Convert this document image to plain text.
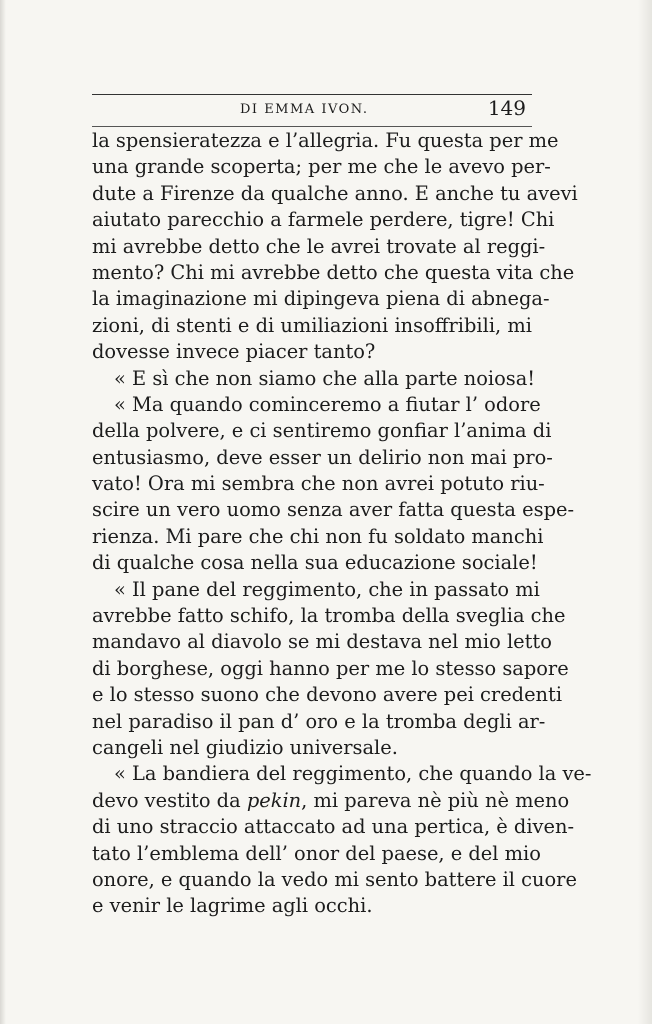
DI EMMA IVON.	149
la spensieratezza e l’allegria. Fu questa per me
una grande scoperta; per me che le avevo per-
dute a Firenze da qualche anno. E anche tu avevi
aiutato parecchio a farmele perdere, tigre! Chi
mi avrebbe detto che le avrei trovate al reggi-
mento? Chi mi avrebbe detto che questa vita che
la imaginazione mi dipingeva piena di abnega-
zioni, di stenti e di umiliazioni insoffribili, mi
dovesse invece piacer tanto?
« E sì che non siamo che alla parte noiosa!
« Ma quando cominceremo a fiutar l’ odore
della polvere, e ci sentiremo gonfiar l’anima di
entusiasmo, deve esser un delirio non mai pro-
vato! Ora mi sembra che non avrei potuto riu-
scire un vero uomo senza aver fatta questa espe-
rienza. Mi pare che chi non fu soldato manchi
di qualche cosa nella sua educazione sociale!
« Il pane del reggimento, che in passato mi
avrebbe fatto schifo, la tromba della sveglia che
mandavo al diavolo se mi destava nel mio letto
di borghese, oggi hanno per me lo stesso sapore
e lo stesso suono che devono avere pei credenti
nel paradiso il pan d’ oro e la tromba degli ar-
cangeli nel giudizio universale.
« La bandiera del reggimento, che quando la ve-
devo vestito da pekin, mi pareva nè più nè meno
di uno straccio attaccato ad una pertica, è diven-
tato l’emblema dell’ onor del paese, e del mio
onore, e quando la vedo mi sento battere il cuore
e venir le lagrime agli occhi.
